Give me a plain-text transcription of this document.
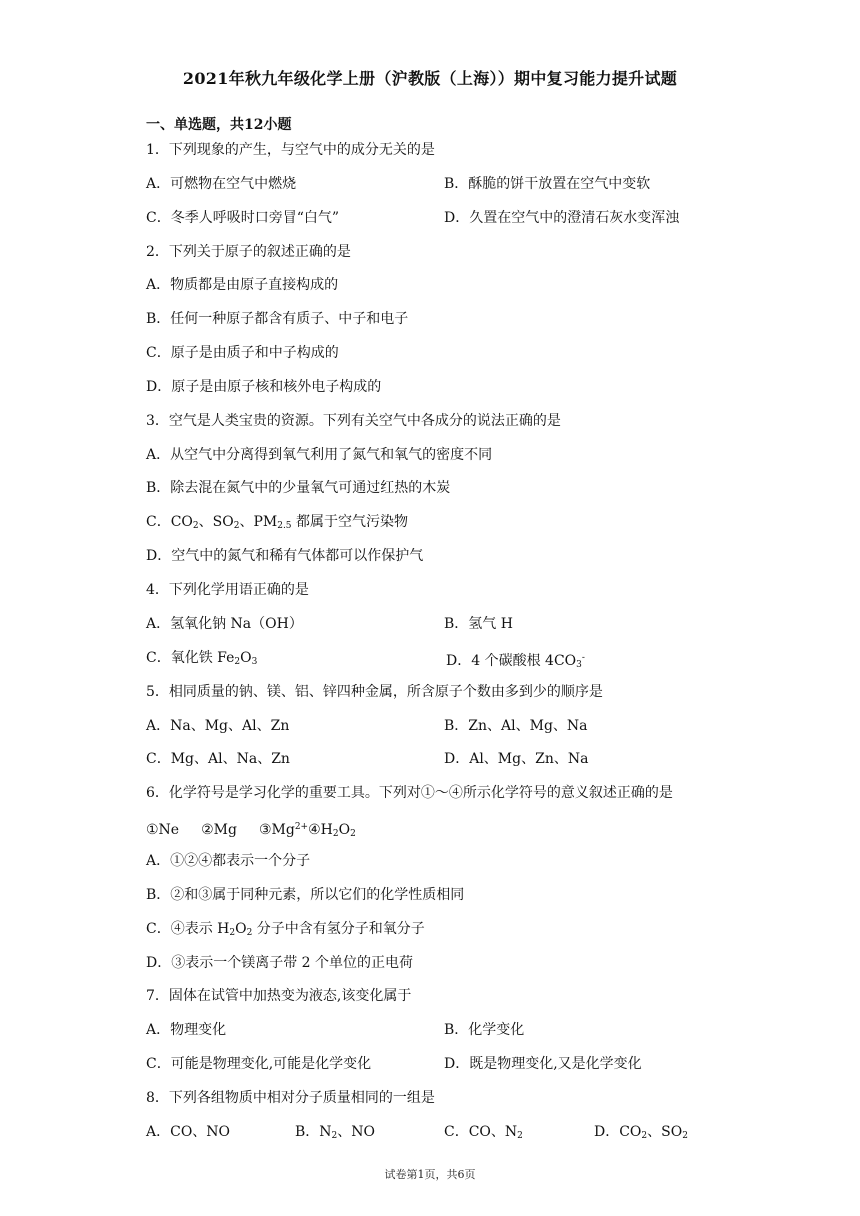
2021年秋九年级化学上册（沪教版（上海））期中复习能力提升试题
一、单选题，共12小题
1．下列现象的产生，与空气中的成分无关的是
A．可燃物在空气中燃烧	B．酥脆的饼干放置在空气中变软
C．冬季人呼吸时口旁冒“白气”	D．久置在空气中的澄清石灰水变浑浊
2．下列关于原子的叙述正确的是
A．物质都是由原子直接构成的
B．任何一种原子都含有质子、中子和电子
C．原子是由质子和中子构成的
D．原子是由原子核和核外电子构成的
3．空气是人类宝贵的资源。下列有关空气中各成分的说法正确的是
A．从空气中分离得到氧气利用了氮气和氧气的密度不同
B．除去混在氮气中的少量氧气可通过红热的木炭
C．$CO_2$、$SO_2$、$PM_{2.5}$ 都属于空气污染物
D．空气中的氮气和稀有气体都可以作保护气
4．下列化学用语正确的是
A．氢氧化钠 Na（OH）	B．氢气 H
C．氧化铁 $Fe_2O_3$	D．4 个碳酸根 $4CO_3^-$
5．相同质量的钠、镁、铝、锌四种金属，所含原子个数由多到少的顺序是
A．Na、Mg、Al、Zn	B．Zn、Al、Mg、Na
C．Mg、Al、Na、Zn	D．Al、Mg、Zn、Na
6．化学符号是学习化学的重要工具。下列对①～④所示化学符号的意义叙述正确的是
①Ne ②Mg $③Mg^{2+}④H_2O_2$
A．①②④都表示一个分子
B．②和③属于同种元素，所以它们的化学性质相同
C．④表示 $H_2O_2$ 分子中含有氢分子和氧分子
D．③表示一个镁离子带 2 个单位的正电荷
7．固体在试管中加热变为液态,该变化属于
A．物理变化	B．化学变化
C．可能是物理变化,可能是化学变化	D．既是物理变化,又是化学变化
8．下列各组物质中相对分子质量相同的一组是
A．CO、NO	B．$N_2$、NO	C．CO、$N_2$	D．$CO_2$、$SO_2$
试卷第1页，共6页
